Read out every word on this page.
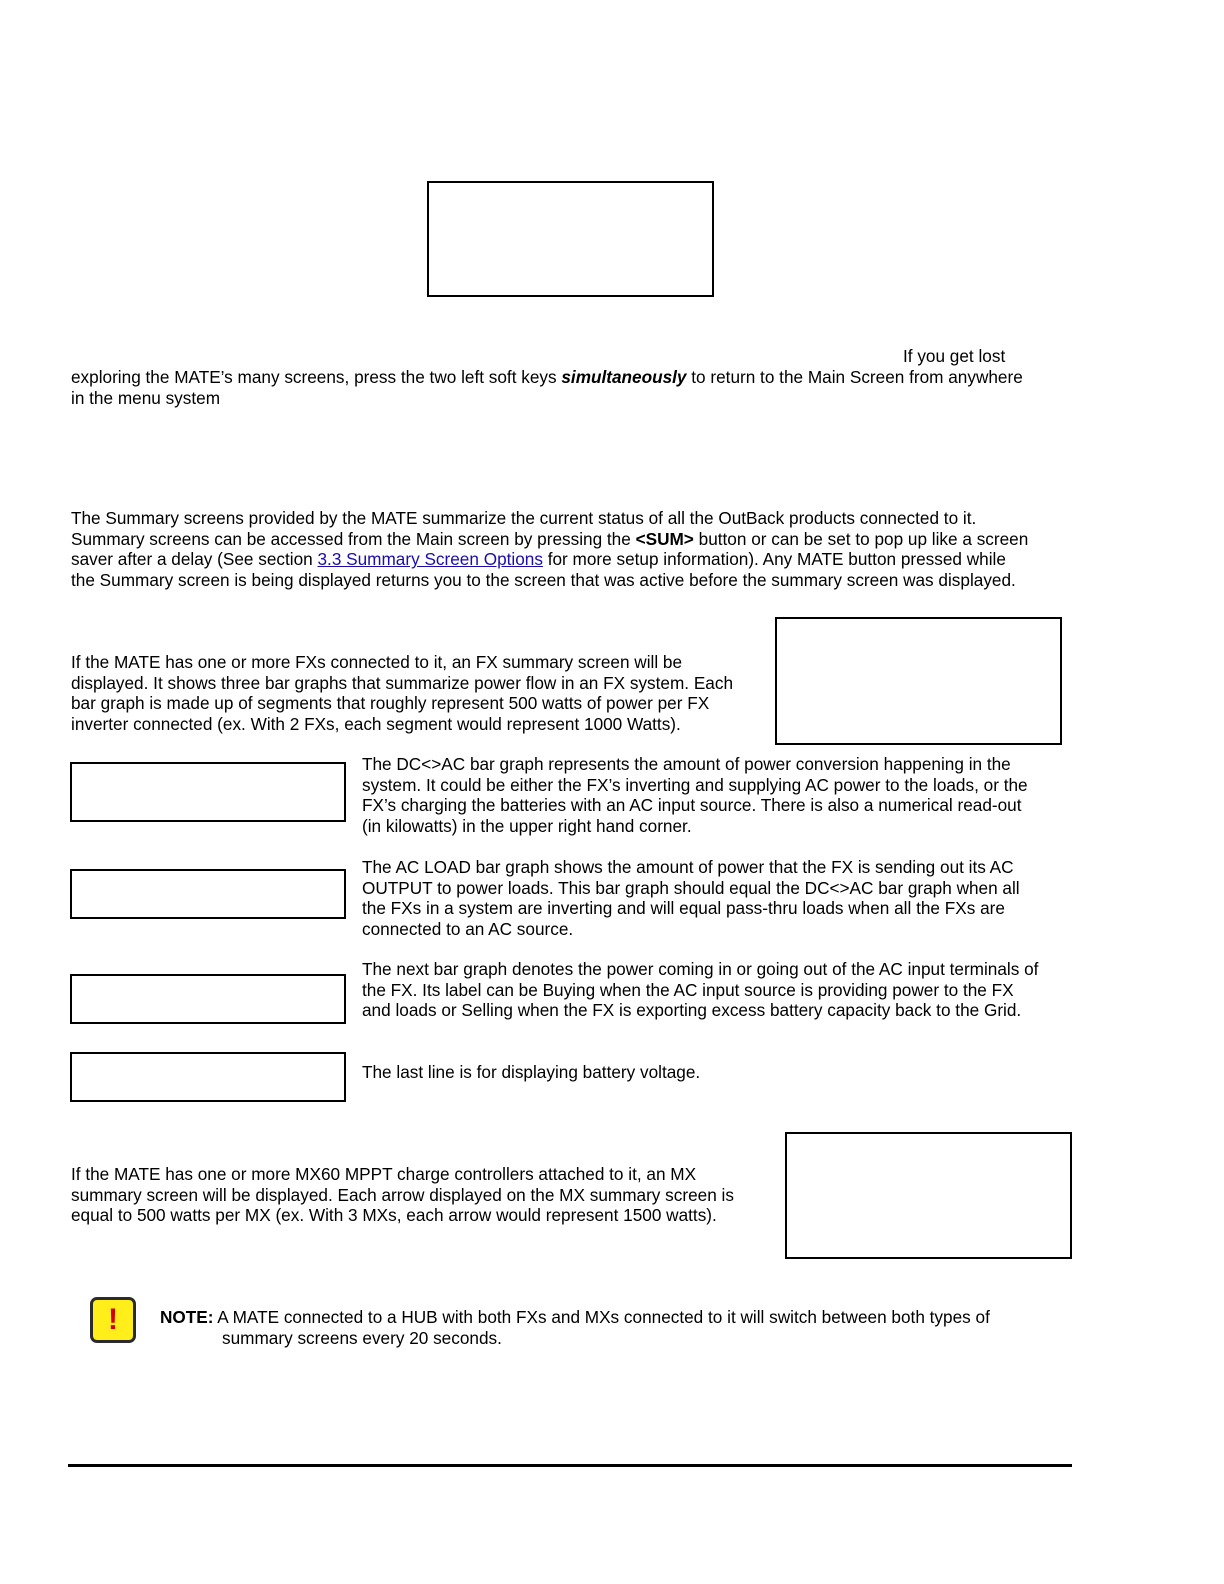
If you get lost

exploring the MATE’s many screens, press the two left soft keys simultaneously to return to the Main Screen from anywhere

in the menu system

The Summary screens provided by the MATE summarize the current status of all the OutBack products connected to it.
Summary screens can be accessed from the Main screen by pressing the <SUM> button or can be set to pop up like a screen
saver after a delay (See section 3.3 Summary Screen Options for more setup information). Any MATE button pressed while
the Summary screen is being displayed returns you to the screen that was active before the summary screen was displayed.
If the MATE has one or more FXs connected to it, an FX summary screen will be
displayed. It shows three bar graphs that summarize power flow in an FX system. Each
bar graph is made up of segments that roughly represent 500 watts of power per FX
inverter connected (ex. With 2 FXs, each segment would represent 1000 Watts).
The DC<>AC bar graph represents the amount of power conversion happening in the
system. It could be either the FX’s inverting and supplying AC power to the loads, or the
FX’s charging the batteries with an AC input source. There is also a numerical read-out
(in kilowatts) in the upper right hand corner.
The AC LOAD bar graph shows the amount of power that the FX is sending out its AC
OUTPUT to power loads. This bar graph should equal the DC<>AC bar graph when all
the FXs in a system are inverting and will equal pass-thru loads when all the FXs are
connected to an AC source.
The next bar graph denotes the power coming in or going out of the AC input terminals of
the FX. Its label can be Buying when the AC input source is providing power to the FX
and loads or Selling when the FX is exporting excess battery capacity back to the Grid.

The last line is for displaying battery voltage.

If the MATE has one or more MX60 MPPT charge controllers attached to it, an MX
summary screen will be displayed. Each arrow displayed on the MX summary screen is
equal to 500 watts per MX (ex. With 3 MXs, each arrow would represent 1500 watts).
!	NOTE: A MATE connected to a HUB with both FXs and MXs connected to it will switch between both types of
summary screens every 20 seconds.
